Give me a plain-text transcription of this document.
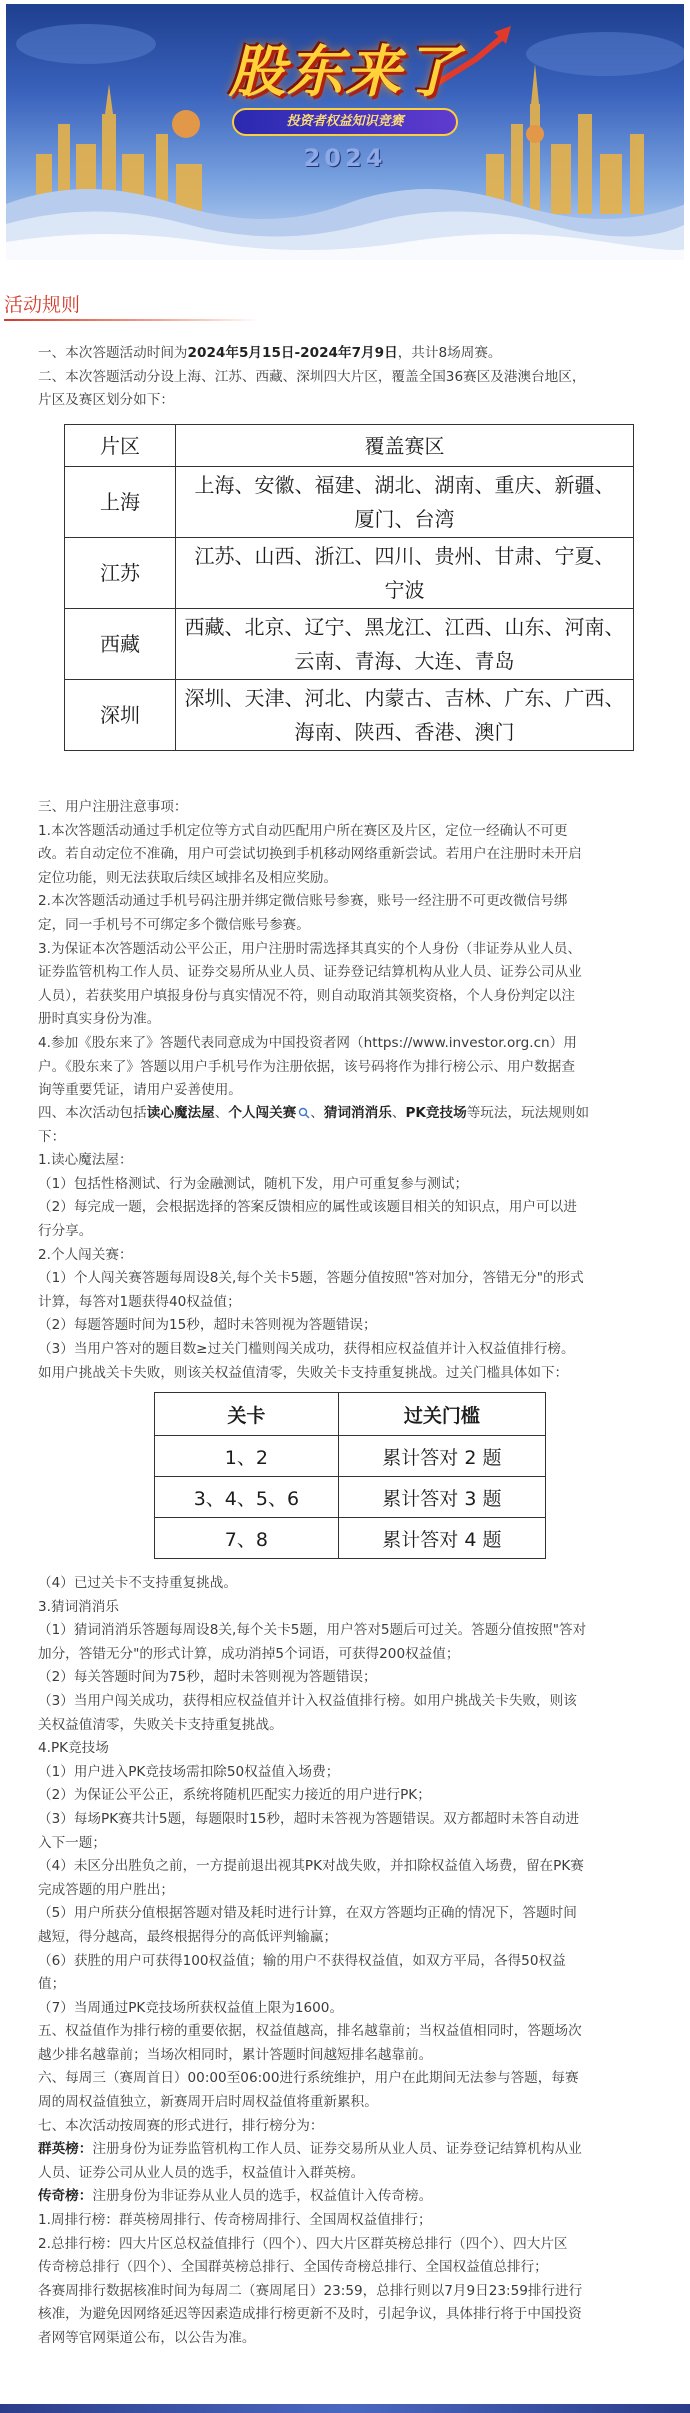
股东来了
投资者权益知识竞赛
2024
活动规则
一、本次答题活动时间为2024年5月15日-2024年7月9日，共计8场周赛。
二、本次答题活动分设上海、江苏、西藏、深圳四大片区，覆盖全国36赛区及港澳台地区，
片区及赛区划分如下：
片区	覆盖赛区
上海	上海、安徽、福建、湖北、湖南、重庆、新疆、
厦门、台湾

江苏	江苏、山西、浙江、四川、贵州、甘肃、宁夏、
宁波

西藏	西藏、北京、辽宁、黑龙江、江西、山东、河南、
云南、青海、大连、青岛

深圳	深圳、天津、河北、内蒙古、吉林、广东、广西、
海南、陕西、香港、澳门
三、用户注册注意事项：
1.本次答题活动通过手机定位等方式自动匹配用户所在赛区及片区，定位一经确认不可更
改。若自动定位不准确，用户可尝试切换到手机移动网络重新尝试。若用户在注册时未开启
定位功能，则无法获取后续区域排名及相应奖励。
2.本次答题活动通过手机号码注册并绑定微信账号参赛，账号一经注册不可更改微信号绑
定，同一手机号不可绑定多个微信账号参赛。
3.为保证本次答题活动公平公正，用户注册时需选择其真实的个人身份（非证券从业人员、
证券监管机构工作人员、证券交易所从业人员、证券登记结算机构从业人员、证券公司从业
人员），若获奖用户填报身份与真实情况不符，则自动取消其领奖资格，个人身份判定以注
册时真实身份为准。
4.参加《股东来了》答题代表同意成为中国投资者网（https://www.investor.org.cn）用
户。《股东来了》答题以用户手机号作为注册依据，该号码将作为排行榜公示、用户数据查
询等重要凭证，请用户妥善使用。
四、本次活动包括读心魔法屋、个人闯关赛 、猜词消消乐、PK竞技场等玩法，玩法规则如
下：
1.读心魔法屋：
（1）包括性格测试、行为金融测试，随机下发，用户可重复参与测试；
（2）每完成一题，会根据选择的答案反馈相应的属性或该题目相关的知识点，用户可以进
行分享。
2.个人闯关赛：
（1）个人闯关赛答题每周设8关,每个关卡5题，答题分值按照"答对加分，答错无分"的形式
计算，每答对1题获得40权益值；
（2）每题答题时间为15秒，超时未答则视为答题错误；
（3）当用户答对的题目数≥过关门槛则闯关成功，获得相应权益值并计入权益值排行榜。
如用户挑战关卡失败，则该关权益值清零，失败关卡支持重复挑战。过关门槛具体如下：
关卡	过关门槛
1、2	累计答对 2 题
3、4、5、6	累计答对 3 题
7、8	累计答对 4 题
（4）已过关卡不支持重复挑战。
3.猜词消消乐
（1）猜词消消乐答题每周设8关,每个关卡5题，用户答对5题后可过关。答题分值按照"答对
加分，答错无分"的形式计算，成功消掉5个词语，可获得200权益值；
（2）每关答题时间为75秒，超时未答则视为答题错误；
（3）当用户闯关成功，获得相应权益值并计入权益值排行榜。如用户挑战关卡失败，则该
关权益值清零，失败关卡支持重复挑战。
4.PK竞技场
（1）用户进入PK竞技场需扣除50权益值入场费；
（2）为保证公平公正，系统将随机匹配实力接近的用户进行PK；
（3）每场PK赛共计5题，每题限时15秒，超时未答视为答题错误。双方都超时未答自动进
入下一题；
（4）未区分出胜负之前，一方提前退出视其PK对战失败，并扣除权益值入场费，留在PK赛
完成答题的用户胜出；
（5）用户所获分值根据答题对错及耗时进行计算，在双方答题均正确的情况下，答题时间
越短，得分越高，最终根据得分的高低评判输赢；
（6）获胜的用户可获得100权益值；输的用户不获得权益值，如双方平局，各得50权益
值；
（7）当周通过PK竞技场所获权益值上限为1600。
五、权益值作为排行榜的重要依据，权益值越高，排名越靠前；当权益值相同时，答题场次
越少排名越靠前；当场次相同时，累计答题时间越短排名越靠前。
六、每周三（赛周首日）00:00至06:00进行系统维护，用户在此期间无法参与答题，每赛
周的周权益值独立，新赛周开启时周权益值将重新累积。
七、本次活动按周赛的形式进行，排行榜分为：
群英榜：注册身份为证券监管机构工作人员、证券交易所从业人员、证券登记结算机构从业
人员、证券公司从业人员的选手，权益值计入群英榜。
传奇榜：注册身份为非证券从业人员的选手，权益值计入传奇榜。
1.周排行榜：群英榜周排行、传奇榜周排行、全国周权益值排行；
2.总排行榜：四大片区总权益值排行（四个）、四大片区群英榜总排行（四个）、四大片区
传奇榜总排行（四个）、全国群英榜总排行、全国传奇榜总排行、全国权益值总排行；
各赛周排行数据核准时间为每周二（赛周尾日）23:59，总排行则以7月9日23:59排行进行
核准，为避免因网络延迟等因素造成排行榜更新不及时，引起争议，具体排行将于中国投资
者网等官网渠道公布，以公告为准。
